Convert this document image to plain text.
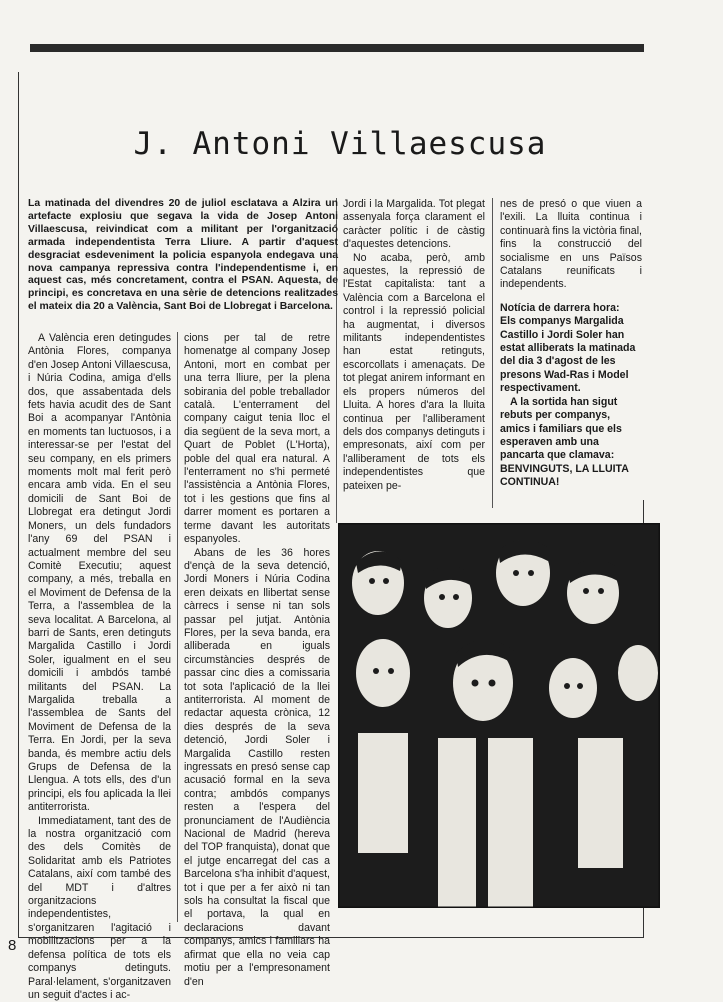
J. Antoni Villaescusa

La matinada del divendres 20 de juliol esclatava a Alzira un artefacte explosiu que segava la vida de Josep Antoni Villaescusa, reivindicat com a militant per l'organització armada independentista Terra Lliure. A partir d'aquest desgraciat esdeveniment la policia espanyola endegava una nova campanya repressiva contra l'independentisme i, en aquest cas, més concretament, contra el PSAN. Aquesta, de principi, es concretava en una sèrie de detencions realitzades el mateix dia 20 a València, Sant Boi de Llobregat i Barcelona.

A València eren detingudes Antònia Flores, companya d'en Josep Antoni Villaescusa, i Núria Codina, amiga d'ells dos, que assabentada dels fets havia acudit des de Sant Boi a acompanyar l'Antònia en moments tan luctuosos, i a interessar-se per l'estat del seu company, en els primers moments molt mal ferit però encara amb vida. En el seu domicili de Sant Boi de Llobregat era detingut Jordi Moners, un dels fundadors l'any 69 del PSAN i actualment membre del seu Comitè Executiu; aquest company, a més, treballa en el Moviment de Defensa de la Terra, a l'assemblea de la seva localitat. A Barcelona, al barri de Sants, eren detinguts Margalida Castillo i Jordi Soler, igualment en el seu domicili i ambdós també militants del PSAN. La Margalida treballa a l'assemblea de Sants del Moviment de Defensa de la Terra. En Jordi, per la seva banda, és membre actiu dels Grups de Defensa de la Llengua. A tots ells, des d'un principi, els fou aplicada la llei antiterrorista.

Immediatament, tant des de la nostra organització com des dels Comitès de Solidaritat amb els Patriotes Catalans, així com també des del MDT i d'altres organitzacions independentistes, s'organitzaren l'agitació i mobilitzacions per a la defensa política de tots els companys detinguts. Paral·lelament, s'organitzaven un seguit d'actes i ac-

cions per tal de retre homenatge al company Josep Antoni, mort en combat per una terra lliure, per la plena sobirania del poble treballador català. L'enterrament del company caigut tenia lloc el dia següent de la seva mort, a Quart de Poblet (L'Horta), poble del qual era natural. A l'enterrament no s'hi permeté l'assistència a Antònia Flores, tot i les gestions que fins al darrer moment es portaren a terme davant les autoritats espanyoles.

Abans de les 36 hores d'ençà de la seva detenció, Jordi Moners i Núria Codina eren deixats en llibertat sense càrrecs i sense ni tan sols passar pel jutjat. Antònia Flores, per la seva banda, era alliberada en iguals circumstàncies després de passar cinc dies a comissaria tot sota l'aplicació de la llei antiterrorista. Al moment de redactar aquesta crònica, 12 dies després de la seva detenció, Jordi Soler i Margalida Castillo resten ingressats en presó sense cap acusació formal en la seva contra; ambdós companys resten a l'espera del pronunciament de l'Audiència Nacional de Madrid (hereva del TOP franquista), donat que el jutge encarregat del cas a Barcelona s'ha inhibit d'aquest, tot i que per a fer això ni tan sols ha consultat la fiscal que el portava, la qual en declaracions davant companys, amics i familiars ha afirmat que ella no veia cap motiu per a l'empresonament d'en

Jordi i la Margalida. Tot plegat assenyala força clarament el caràcter polític i de càstig d'aquestes detencions.

No acaba, però, amb aquestes, la repressió de l'Estat capitalista: tant a València com a Barcelona el control i la repressió policial ha augmentat, i diversos militants independentistes han estat retinguts, escorcollats i amenaçats. De tot plegat anirem informant en els propers números del Lluita. A hores d'ara la lluita continua per l'alliberament dels dos companys detinguts i empresonats, així com per l'alliberament de tots els independentistes que pateixen pe-

nes de presó o que viuen a l'exili. La lluita continua i continuarà fins la victòria final, fins la construcció del socialisme en uns Països Catalans reunificats i independents.

Notícia de darrera hora:

Els companys Margalida Castillo i Jordi Soler han estat alliberats la matinada del dia 3 d'agost de les presons Wad-Ras i Model respectivament.

A la sortida han sigut rebuts per companys, amics i familiars que els esperaven amb una pancarta que clamava: BENVINGUTS, LA LLUITA CONTINUA!

8
